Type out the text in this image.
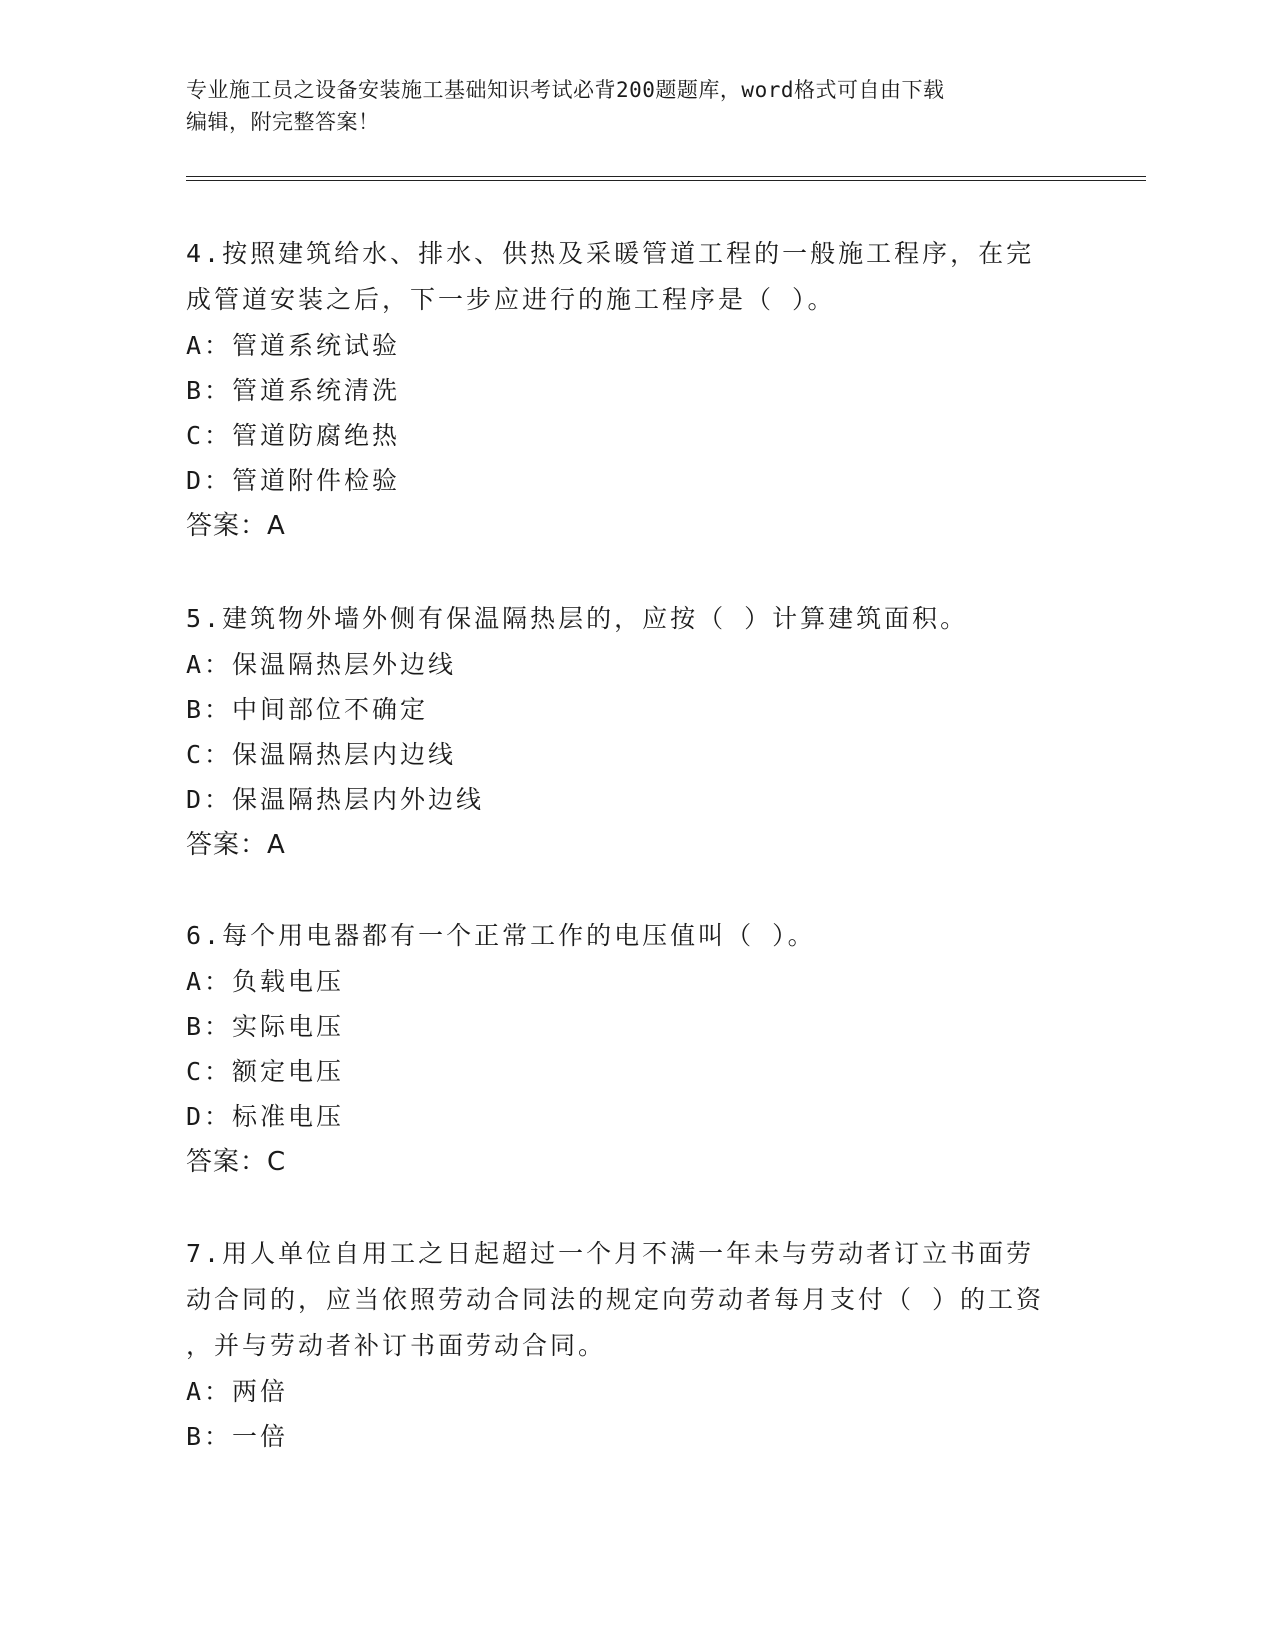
专业施工员之设备安装施工基础知识考试必背200题题库，word格式可自由下载
编辑，附完整答案！
4.按照建筑给水、排水、供热及采暖管道工程的一般施工程序，在完
成管道安装之后，下一步应进行的施工程序是（ ）。
A：管道系统试验
B：管道系统清洗
C：管道防腐绝热
D：管道附件检验
答案：A
5.建筑物外墙外侧有保温隔热层的，应按（ ）计算建筑面积。
A：保温隔热层外边线
B：中间部位不确定
C：保温隔热层内边线
D：保温隔热层内外边线
答案：A
6.每个用电器都有一个正常工作的电压值叫（ ）。
A：负载电压
B：实际电压
C：额定电压
D：标准电压
答案：C
7.用人单位自用工之日起超过一个月不满一年未与劳动者订立书面劳
动合同的，应当依照劳动合同法的规定向劳动者每月支付（ ）的工资
，并与劳动者补订书面劳动合同。
A：两倍
B：一倍
